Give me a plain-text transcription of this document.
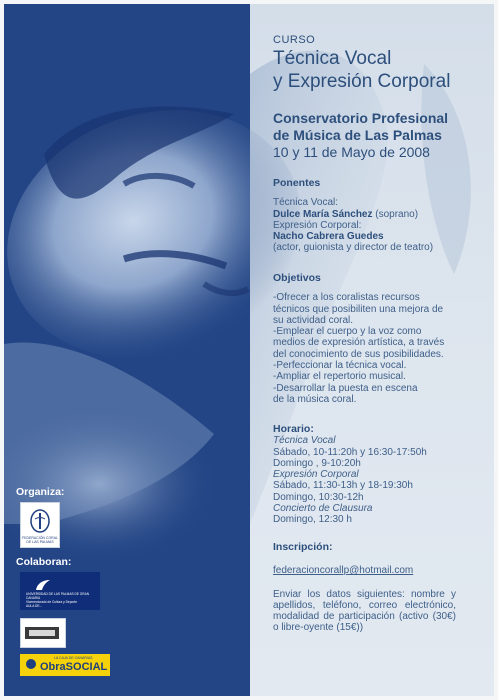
CURSO
Técnica Vocal
y Expresión Corporal
Conservatorio Profesional
de Música de Las Palmas
10 y 11 de Mayo de 2008
Ponentes
Técnica Vocal:
Dulce María Sánchez (soprano)
Expresión Corporal:
Nacho Cabrera Guedes
(actor, guionista y director de teatro)
Objetivos
-Ofrecer a los coralistas recursos
técnicos que posibiliten una mejora de
su actividad coral.
-Emplear el cuerpo y la voz como
medios de expresión artística, a través
del conocimiento de sus posibilidades.
-Perfeccionar la técnica vocal.
-Ampliar el repertorio musical.
-Desarrollar la puesta en escena
de la música coral.
Horario:
Técnica Vocal
Sábado, 10-11:20h y 16:30-17:50h
Domingo , 9-10:20h
Expresión Corporal
Sábado, 11:30-13h y 18-19:30h
Domingo, 10:30-12h
Concierto de Clausura
Domingo, 12:30 h
Inscripción:
federacioncorallp@hotmail.com
Enviar los datos siguientes: nombre y apellidos, teléfono, correo electrónico, modalidad de participación (activo (30€) o libre-oyente (15€))
Organiza:
FEDERACIÓN CORAL DE LAS PALMAS
Colaboran:
UNIVERSIDAD DE LAS PALMAS DE GRAN CANARIA
Vicerrectorado de Cultura y Deporte
AULA DE...
LA CAJA DE CANARIAS
ObraSOCIAL
